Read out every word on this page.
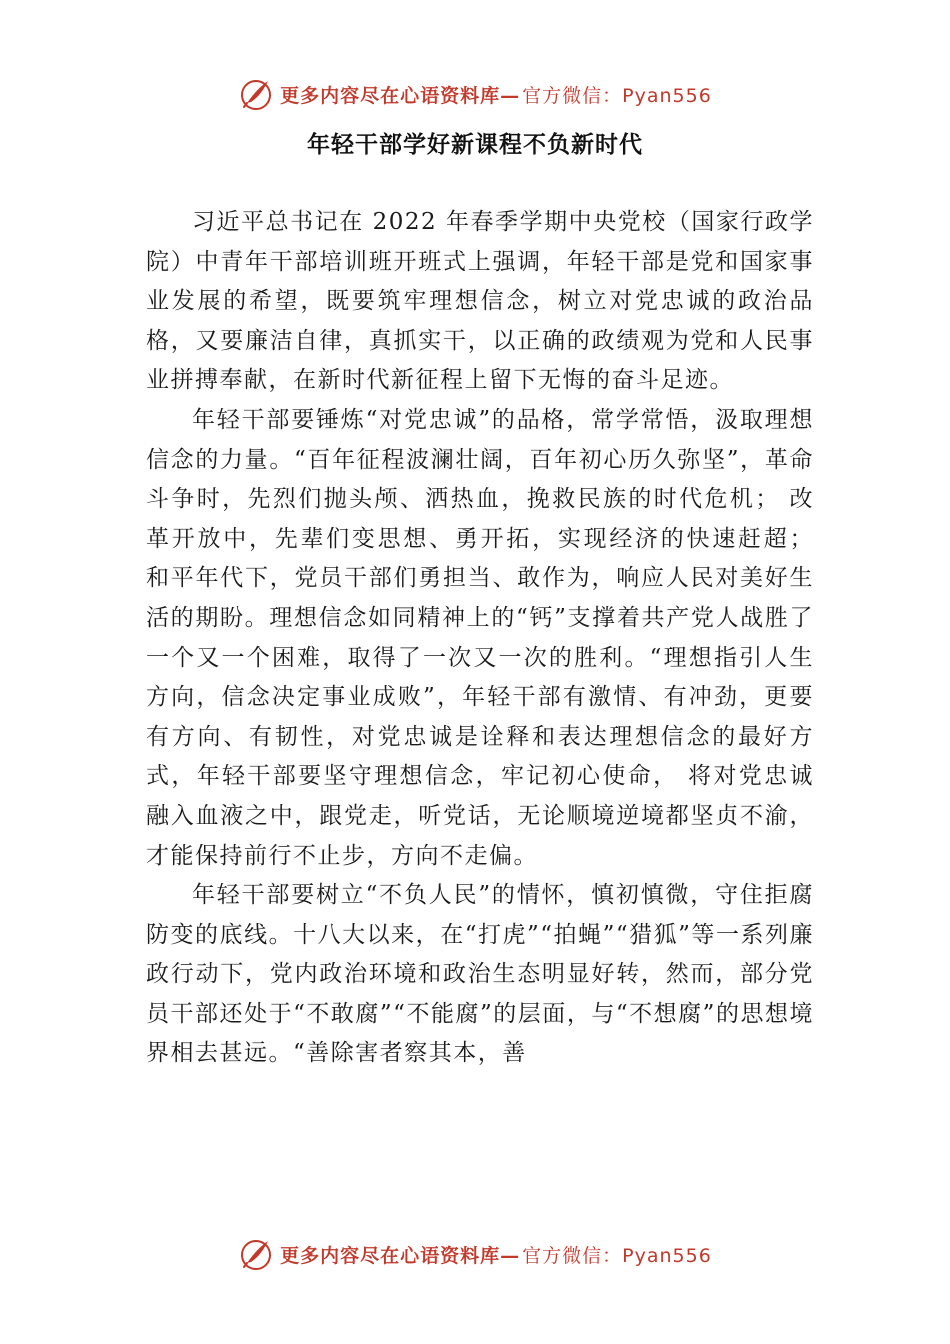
更多内容尽在心语资料库— 官方微信：Pyan556
年轻干部学好新课程不负新时代

习近平总书记在 2022 年春季学期中央党校（国家行政学院）中青年干部培训班开班式上强调，年轻干部是党和国家事业发展的希望，既要筑牢理想信念，树立对党忠诚的政治品格，又要廉洁自律，真抓实干，以正确的政绩观为党和人民事业拼搏奉献，在新时代新征程上留下无悔的奋斗足迹。

年轻干部要锤炼“对党忠诚”的品格，常学常悟，汲取理想信念的力量。“百年征程波澜壮阔，百年初心历久弥坚”，革命斗争时，先烈们抛头颅、洒热血，挽救民族的时代危机； 改革开放中，先辈们变思想、勇开拓，实现经济的快速赶超； 和平年代下，党员干部们勇担当、敢作为，响应人民对美好生活的期盼。理想信念如同精神上的“钙”支撑着共产党人战胜了一个又一个困难，取得了一次又一次的胜利。“理想指引人生方向，信念决定事业成败”，年轻干部有激情、有冲劲，更要有方向、有韧性，对党忠诚是诠释和表达理想信念的最好方式，年轻干部要坚守理想信念，牢记初心使命， 将对党忠诚融入血液之中，跟党走，听党话，无论顺境逆境都坚贞不渝，才能保持前行不止步，方向不走偏。

年轻干部要树立“不负人民”的情怀，慎初慎微，守住拒腐防变的底线。十八大以来，在“打虎”“拍蝇”“猎狐”等一系列廉政行动下，党内政治环境和政治生态明显好转，然而，部分党员干部还处于“不敢腐”“不能腐”的层面，与“不想腐”的思想境界相去甚远。“善除害者察其本，善

更多内容尽在心语资料库— 官方微信：Pyan556
